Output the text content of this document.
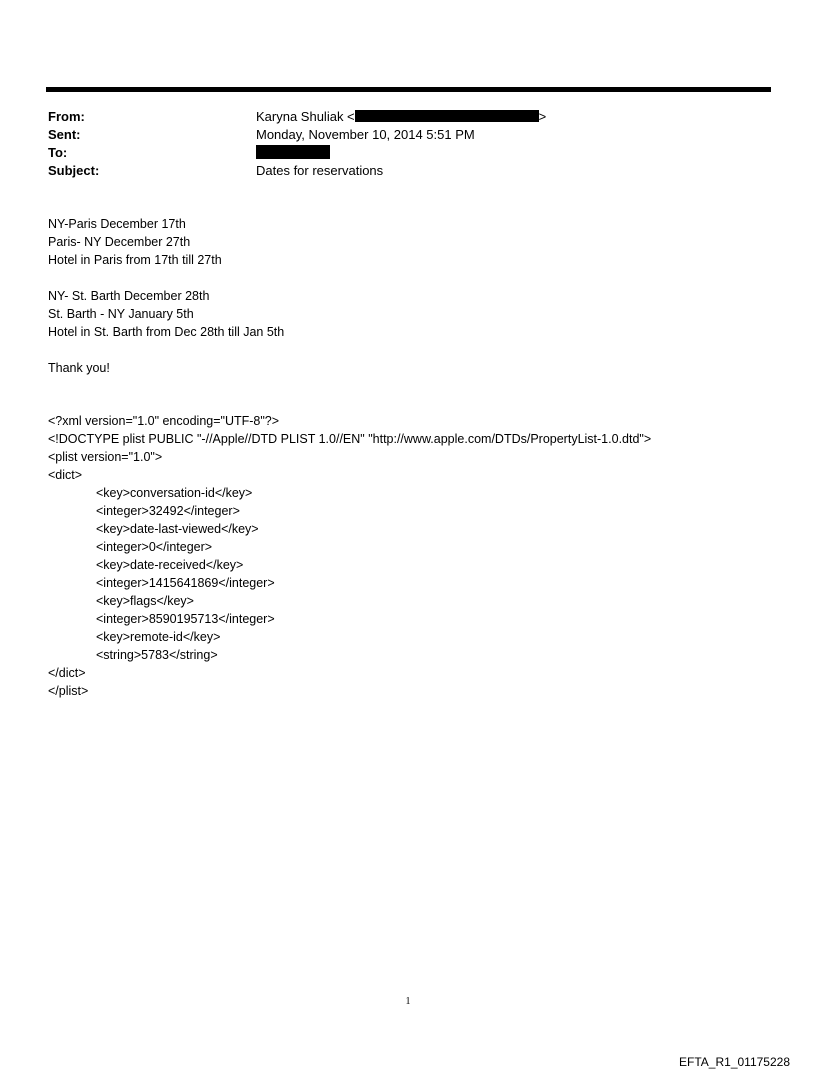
From:	Karyna Shuliak <	>
Sent:	Monday, November 10, 2014 5:51 PM
To:
Subject:	Dates for reservations
NY-Paris December 17th
Paris- NY December 27th
Hotel in Paris from 17th till 27th
NY- St. Barth December 28th
St. Barth - NY January 5th
Hotel in St. Barth from Dec 28th till Jan 5th
Thank you!
<?xml version="1.0" encoding="UTF-8"?>
<!DOCTYPE plist PUBLIC "-//Apple//DTD PLIST 1.0//EN" "http://www.apple.com/DTDs/PropertyList-1.0.dtd">
<plist version="1.0">
<dict>
<key>conversation-id</key>
<integer>32492</integer>
<key>date-last-viewed</key>
<integer>0</integer>
<key>date-received</key>
<integer>1415641869</integer>
<key>flags</key>
<integer>8590195713</integer>
<key>remote-id</key>
<string>5783</string>
</dict>
</plist>
1
EFTA_R1_01175228
